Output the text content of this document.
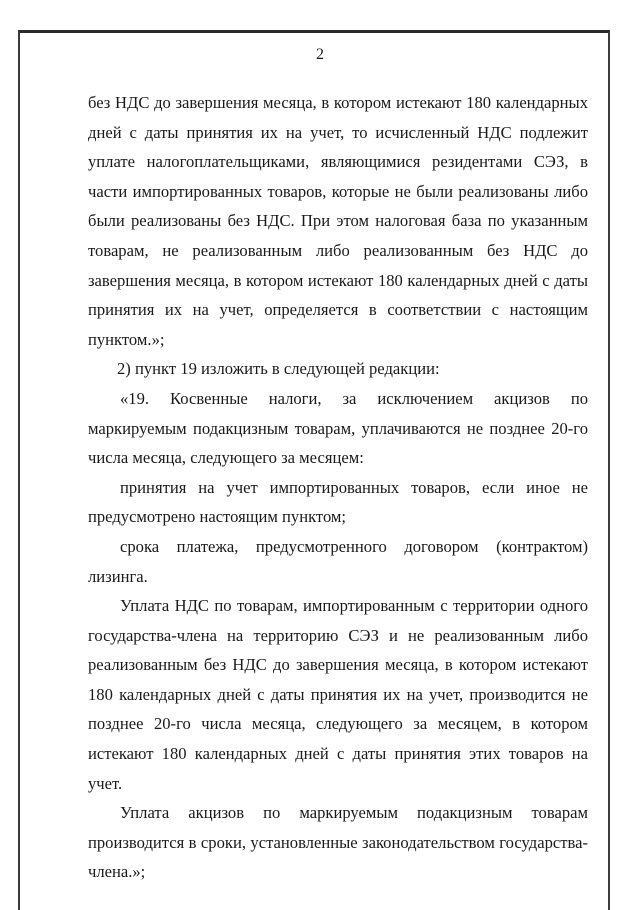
2

без НДС до завершения месяца, в котором истекают 180 календарных дней с даты принятия их на учет, то исчисленный НДС подлежит уплате налогоплательщиками, являющимися резидентами СЭЗ, в части импортированных товаров, которые не были реализованы либо были реализованы без НДС. При этом налоговая база по указанным товарам, не реализованным либо реализованным без НДС до завершения месяца, в котором истекают 180 календарных дней с даты принятия их на учет, определяется в соответствии с настоящим пунктом.»;

2) пункт 19 изложить в следующей редакции:

«19. Косвенные налоги, за исключением акцизов по маркируемым подакцизным товарам, уплачиваются не позднее 20-го числа месяца, следующего за месяцем:

принятия на учет импортированных товаров, если иное не предусмотрено настоящим пунктом;

срока платежа, предусмотренного договором (контрактом) лизинга.

Уплата НДС по товарам, импортированным с территории одного государства-члена на территорию СЭЗ и не реализованным либо реализованным без НДС до завершения месяца, в котором истекают 180 календарных дней с даты принятия их на учет, производится не позднее 20-го числа месяца, следующего за месяцем, в котором истекают 180 календарных дней с даты принятия этих товаров на учет.

Уплата акцизов по маркируемым подакцизным товарам производится в сроки, установленные законодательством государства-члена.»;
